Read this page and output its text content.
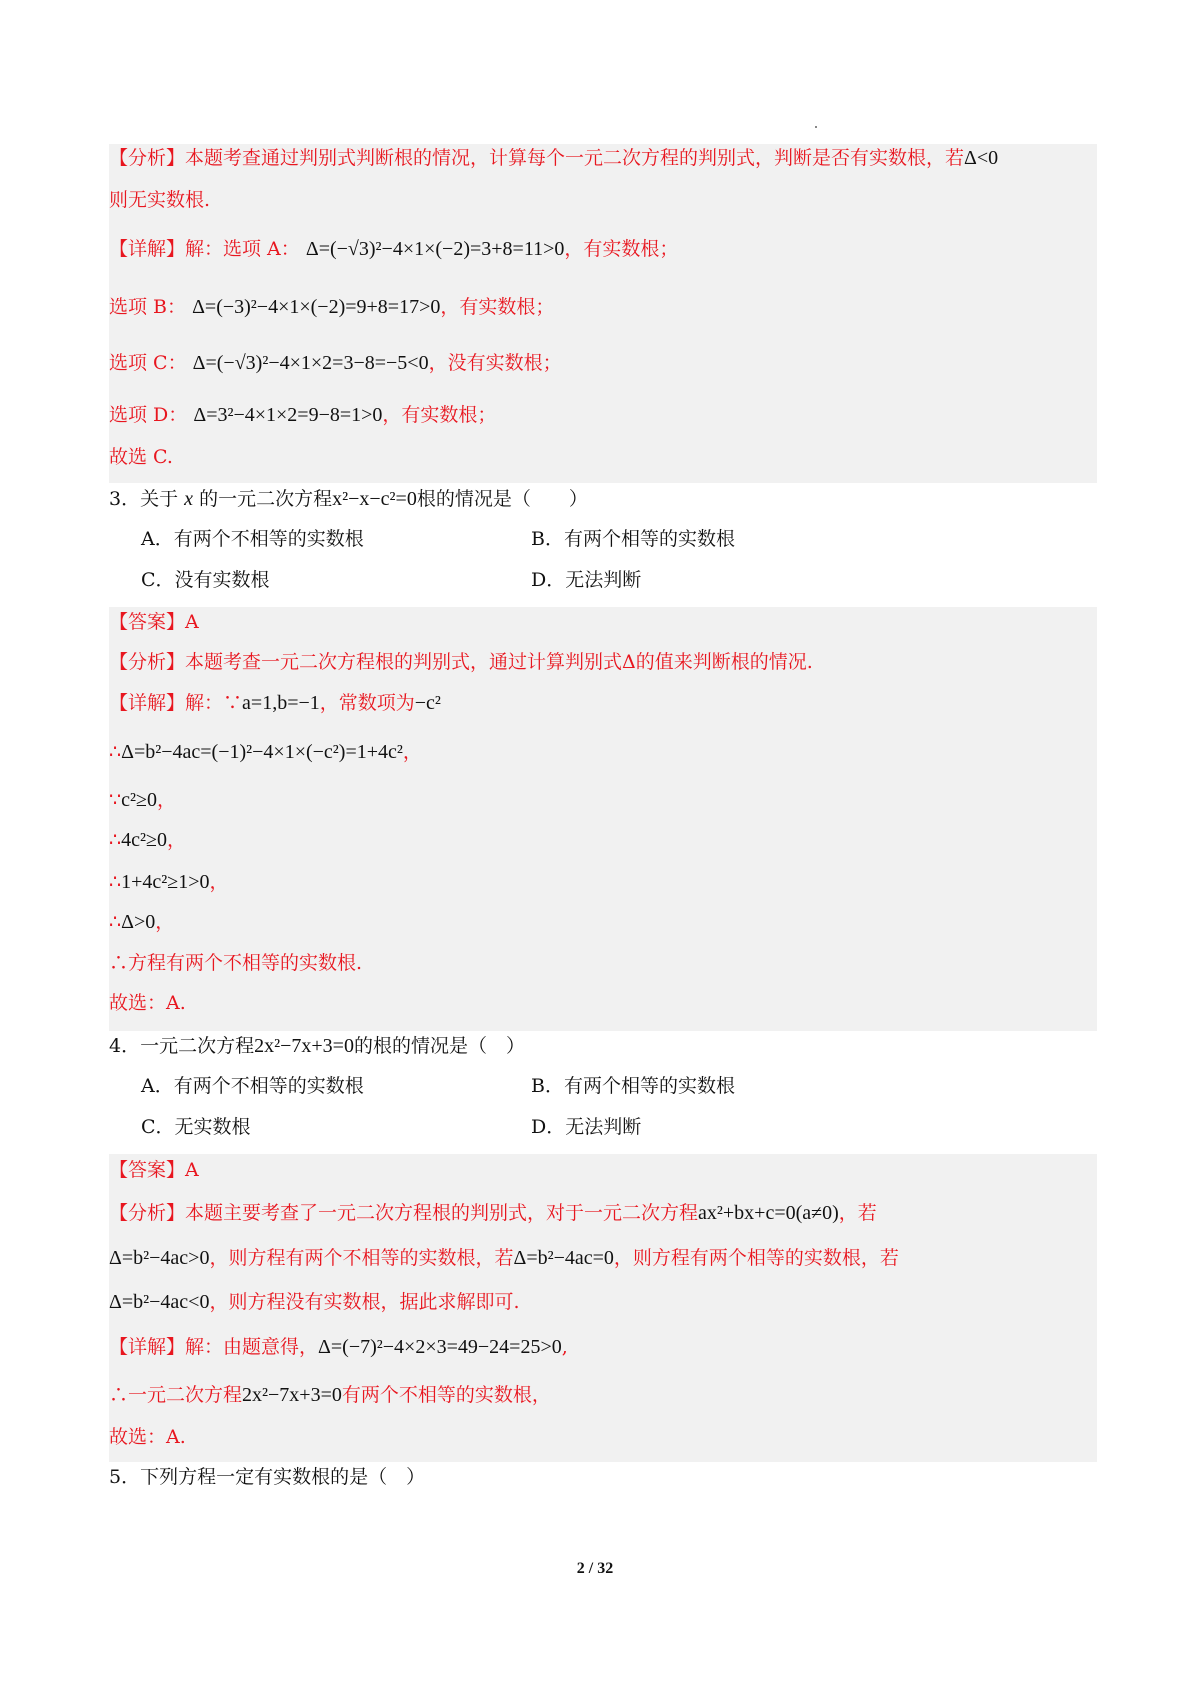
【分析】本题考查通过判别式判断根的情况，计算每个一元二次方程的判别式，判断是否有实数根，若Δ<0
则无实数根.
【详解】解：选项 A： Δ=(−√3)²−4×1×(−2)=3+8=11>0，有实数根；
选项 B： Δ=(−3)²−4×1×(−2)=9+8=17>0，有实数根；
选项 C： Δ=(−√3)²−4×1×2=3−8=−5<0，没有实数根；
选项 D： Δ=3²−4×1×2=9−8=1>0，有实数根；
故选 C.
3．关于 x 的一元二次方程x²−x−c²=0根的情况是（　　）
A．有两个不相等的实数根	B．有两个相等的实数根
C．没有实数根	D．无法判断
【答案】A
【分析】本题考查一元二次方程根的判别式，通过计算判别式Δ的值来判断根的情况.
【详解】解：∵a=1,b=−1，常数项为−c²
∴Δ=b²−4ac=(−1)²−4×1×(−c²)=1+4c²，
∵c²≥0，
∴4c²≥0，
∴1+4c²≥1>0，
∴Δ>0，
∴方程有两个不相等的实数根.
故选：A.
4．一元二次方程2x²−7x+3=0的根的情况是（　）
A．有两个不相等的实数根	B．有两个相等的实数根
C．无实数根	D．无法判断
【答案】A
【分析】本题主要考查了一元二次方程根的判别式，对于一元二次方程ax²+bx+c=0(a≠0)，若
Δ=b²−4ac>0，则方程有两个不相等的实数根，若Δ=b²−4ac=0，则方程有两个相等的实数根，若
Δ=b²−4ac<0，则方程没有实数根，据此求解即可.
【详解】解：由题意得，Δ=(−7)²−4×2×3=49−24=25>0,
∴一元二次方程2x²−7x+3=0有两个不相等的实数根，
故选：A.
5．下列方程一定有实数根的是（　）
2 / 32
